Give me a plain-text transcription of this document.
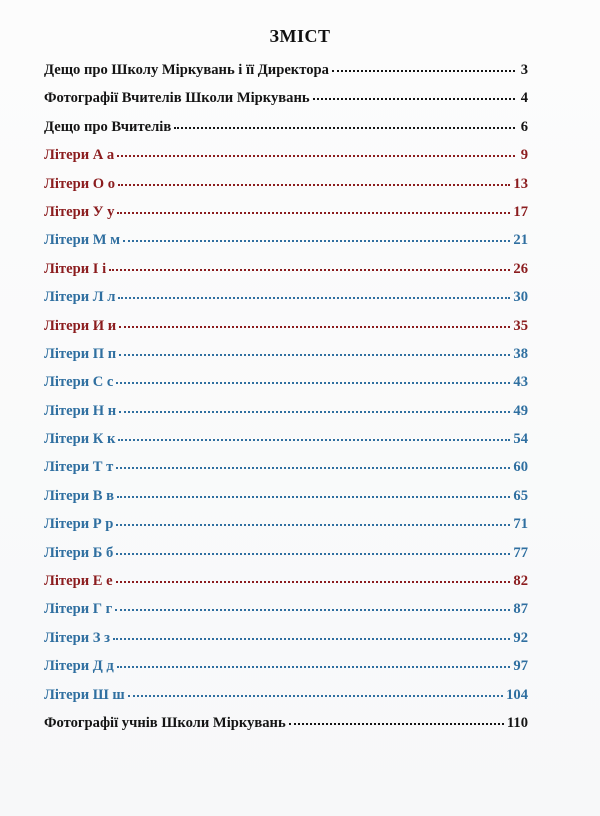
ЗМІСТ
Дещо про Школу Міркувань і її Директора	3
Фотографії Вчителів Школи Міркувань	4
Дещо про Вчителів	6
Літери А а	9
Літери О о	13
Літери У у	17
Літери М м	21
Літери І і	26
Літери Л л	30
Літери И и	35
Літери П п	38
Літери С с	43
Літери Н н	49
Літери К к	54
Літери Т т	60
Літери В в	65
Літери Р р	71
Літери Б б	77
Літери Е е	82
Літери Г г	87
Літери З з	92
Літери Д д	97
Літери Ш ш	104
Фотографії учнів Школи Міркувань	110
